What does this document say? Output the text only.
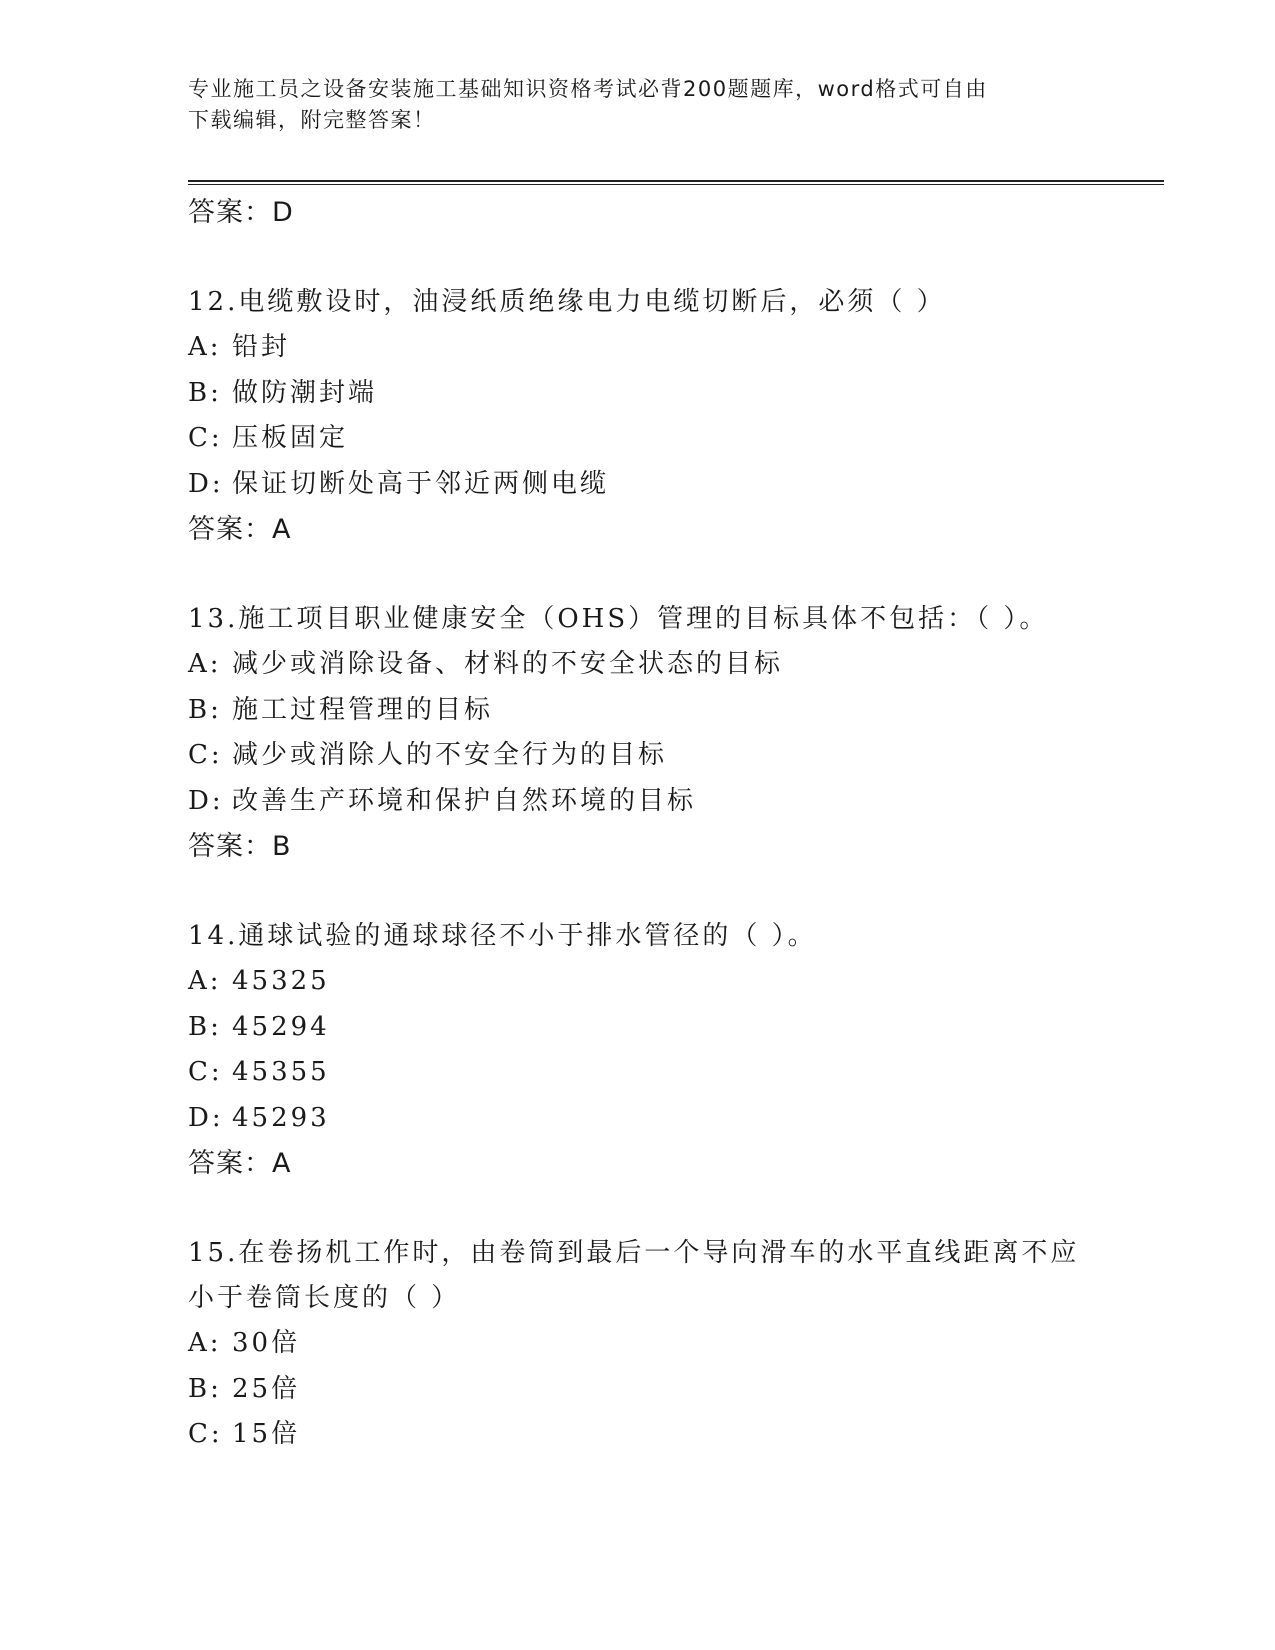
专业施工员之设备安装施工基础知识资格考试必背200题题库，word格式可自由
下载编辑，附完整答案！
答案：D
12 . 电缆敷设时，油浸纸质绝缘电力电缆切断后，必须（ ）
A: 铅封
B: 做防潮封端
C: 压板固定
D: 保证切断处高于邻近两侧电缆
答案：A
13 . 施工项目职业健康安全（OHS）管理的目标具体不包括：（ ）。
A: 减少或消除设备、材料的不安全状态的目标
B: 施工过程管理的目标
C: 减少或消除人的不安全行为的目标
D: 改善生产环境和保护自然环境的目标
答案：B
14 . 通球试验的通球球径不小于排水管径的（ ）。
A: 45325
B: 45294
C: 45355
D: 45293
答案：A
15 . 在卷扬机工作时，由卷筒到最后一个导向滑车的水平直线距离不应
小于卷筒长度的（ ）
A: 30倍
B: 25倍
C: 15倍
